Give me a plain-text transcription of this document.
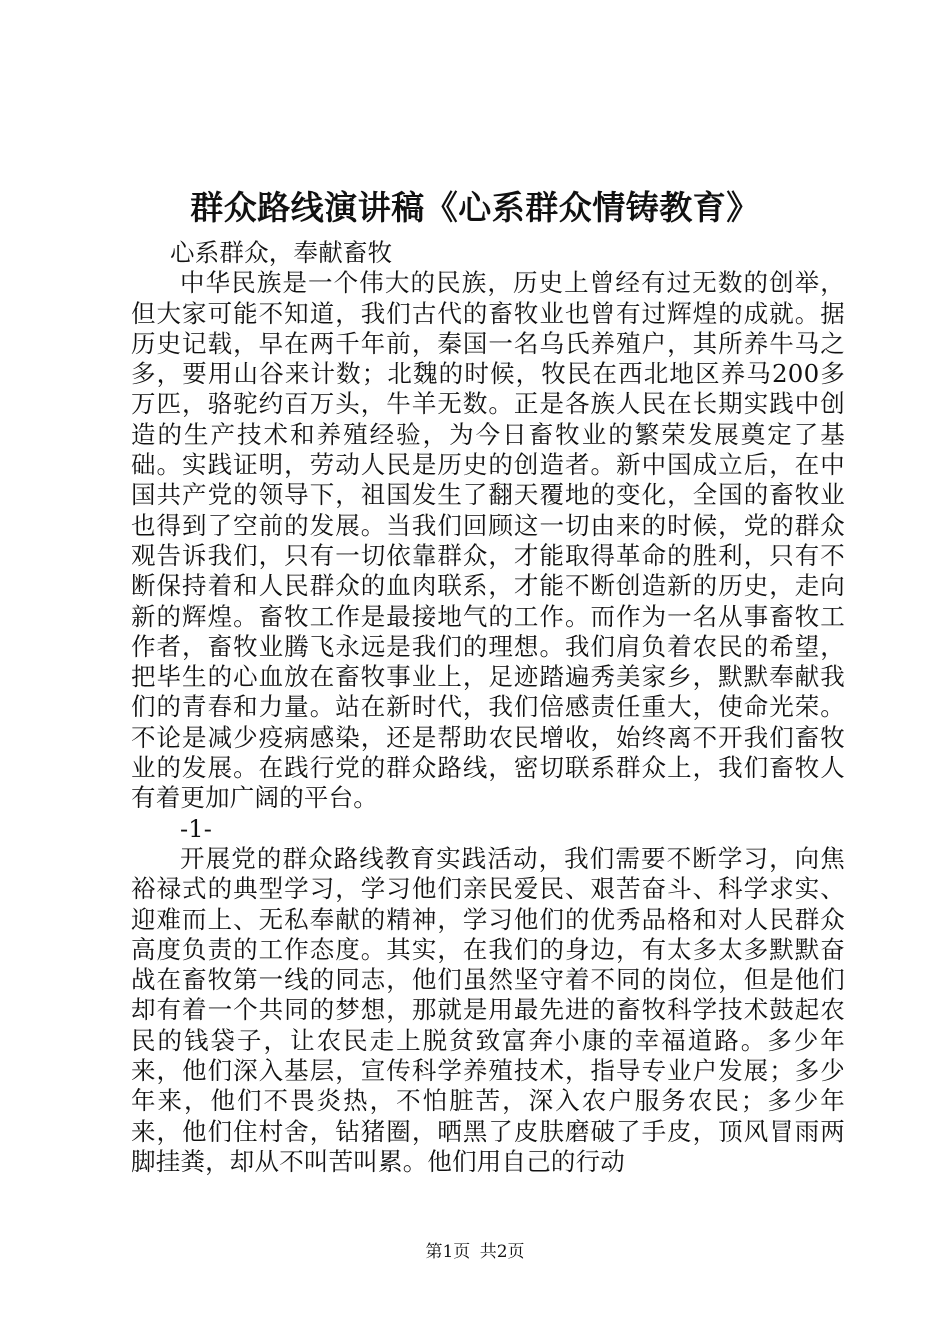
群众路线演讲稿《心系群众情铸教育》

心系群众，奉献畜牧

中华民族是一个伟大的民族，历史上曾经有过无数的创举，但大家可能不知道，我们古代的畜牧业也曾有过辉煌的成就。据历史记载，早在两千年前，秦国一名乌氏养殖户，其所养牛马之多，要用山谷来计数；北魏的时候，牧民在西北地区养马200多万匹，骆驼约百万头，牛羊无数。正是各族人民在长期实践中创造的生产技术和养殖经验，为今日畜牧业的繁荣发展奠定了基础。实践证明，劳动人民是历史的创造者。新中国成立后，在中国共产党的领导下，祖国发生了翻天覆地的变化，全国的畜牧业也得到了空前的发展。当我们回顾这一切由来的时候，党的群众观告诉我们，只有一切依靠群众，才能取得革命的胜利，只有不断保持着和人民群众的血肉联系，才能不断创造新的历史，走向新的辉煌。畜牧工作是最接地气的工作。而作为一名从事畜牧工作者，畜牧业腾飞永远是我们的理想。我们肩负着农民的希望，把毕生的心血放在畜牧事业上，足迹踏遍秀美家乡，默默奉献我们的青春和力量。站在新时代，我们倍感责任重大，使命光荣。不论是减少疫病感染，还是帮助农民增收，始终离不开我们畜牧业的发展。在践行党的群众路线，密切联系群众上，我们畜牧人有着更加广阔的平台。

-1-

开展党的群众路线教育实践活动，我们需要不断学习，向焦裕禄式的典型学习，学习他们亲民爱民、艰苦奋斗、科学求实、迎难而上、无私奉献的精神，学习他们的优秀品格和对人民群众高度负责的工作态度。其实，在我们的身边，有太多太多默默奋战在畜牧第一线的同志，他们虽然坚守着不同的岗位，但是他们却有着一个共同的梦想，那就是用最先进的畜牧科学技术鼓起农民的钱袋子，让农民走上脱贫致富奔小康的幸福道路。多少年来，他们深入基层，宣传科学养殖技术，指导专业户发展；多少年来，他们不畏炎热，不怕脏苦，深入农户服务农民；多少年来，他们住村舍，钻猪圈，晒黑了皮肤磨破了手皮，顶风冒雨两脚挂粪，却从不叫苦叫累。他们用自己的行动

第1页 共2页
